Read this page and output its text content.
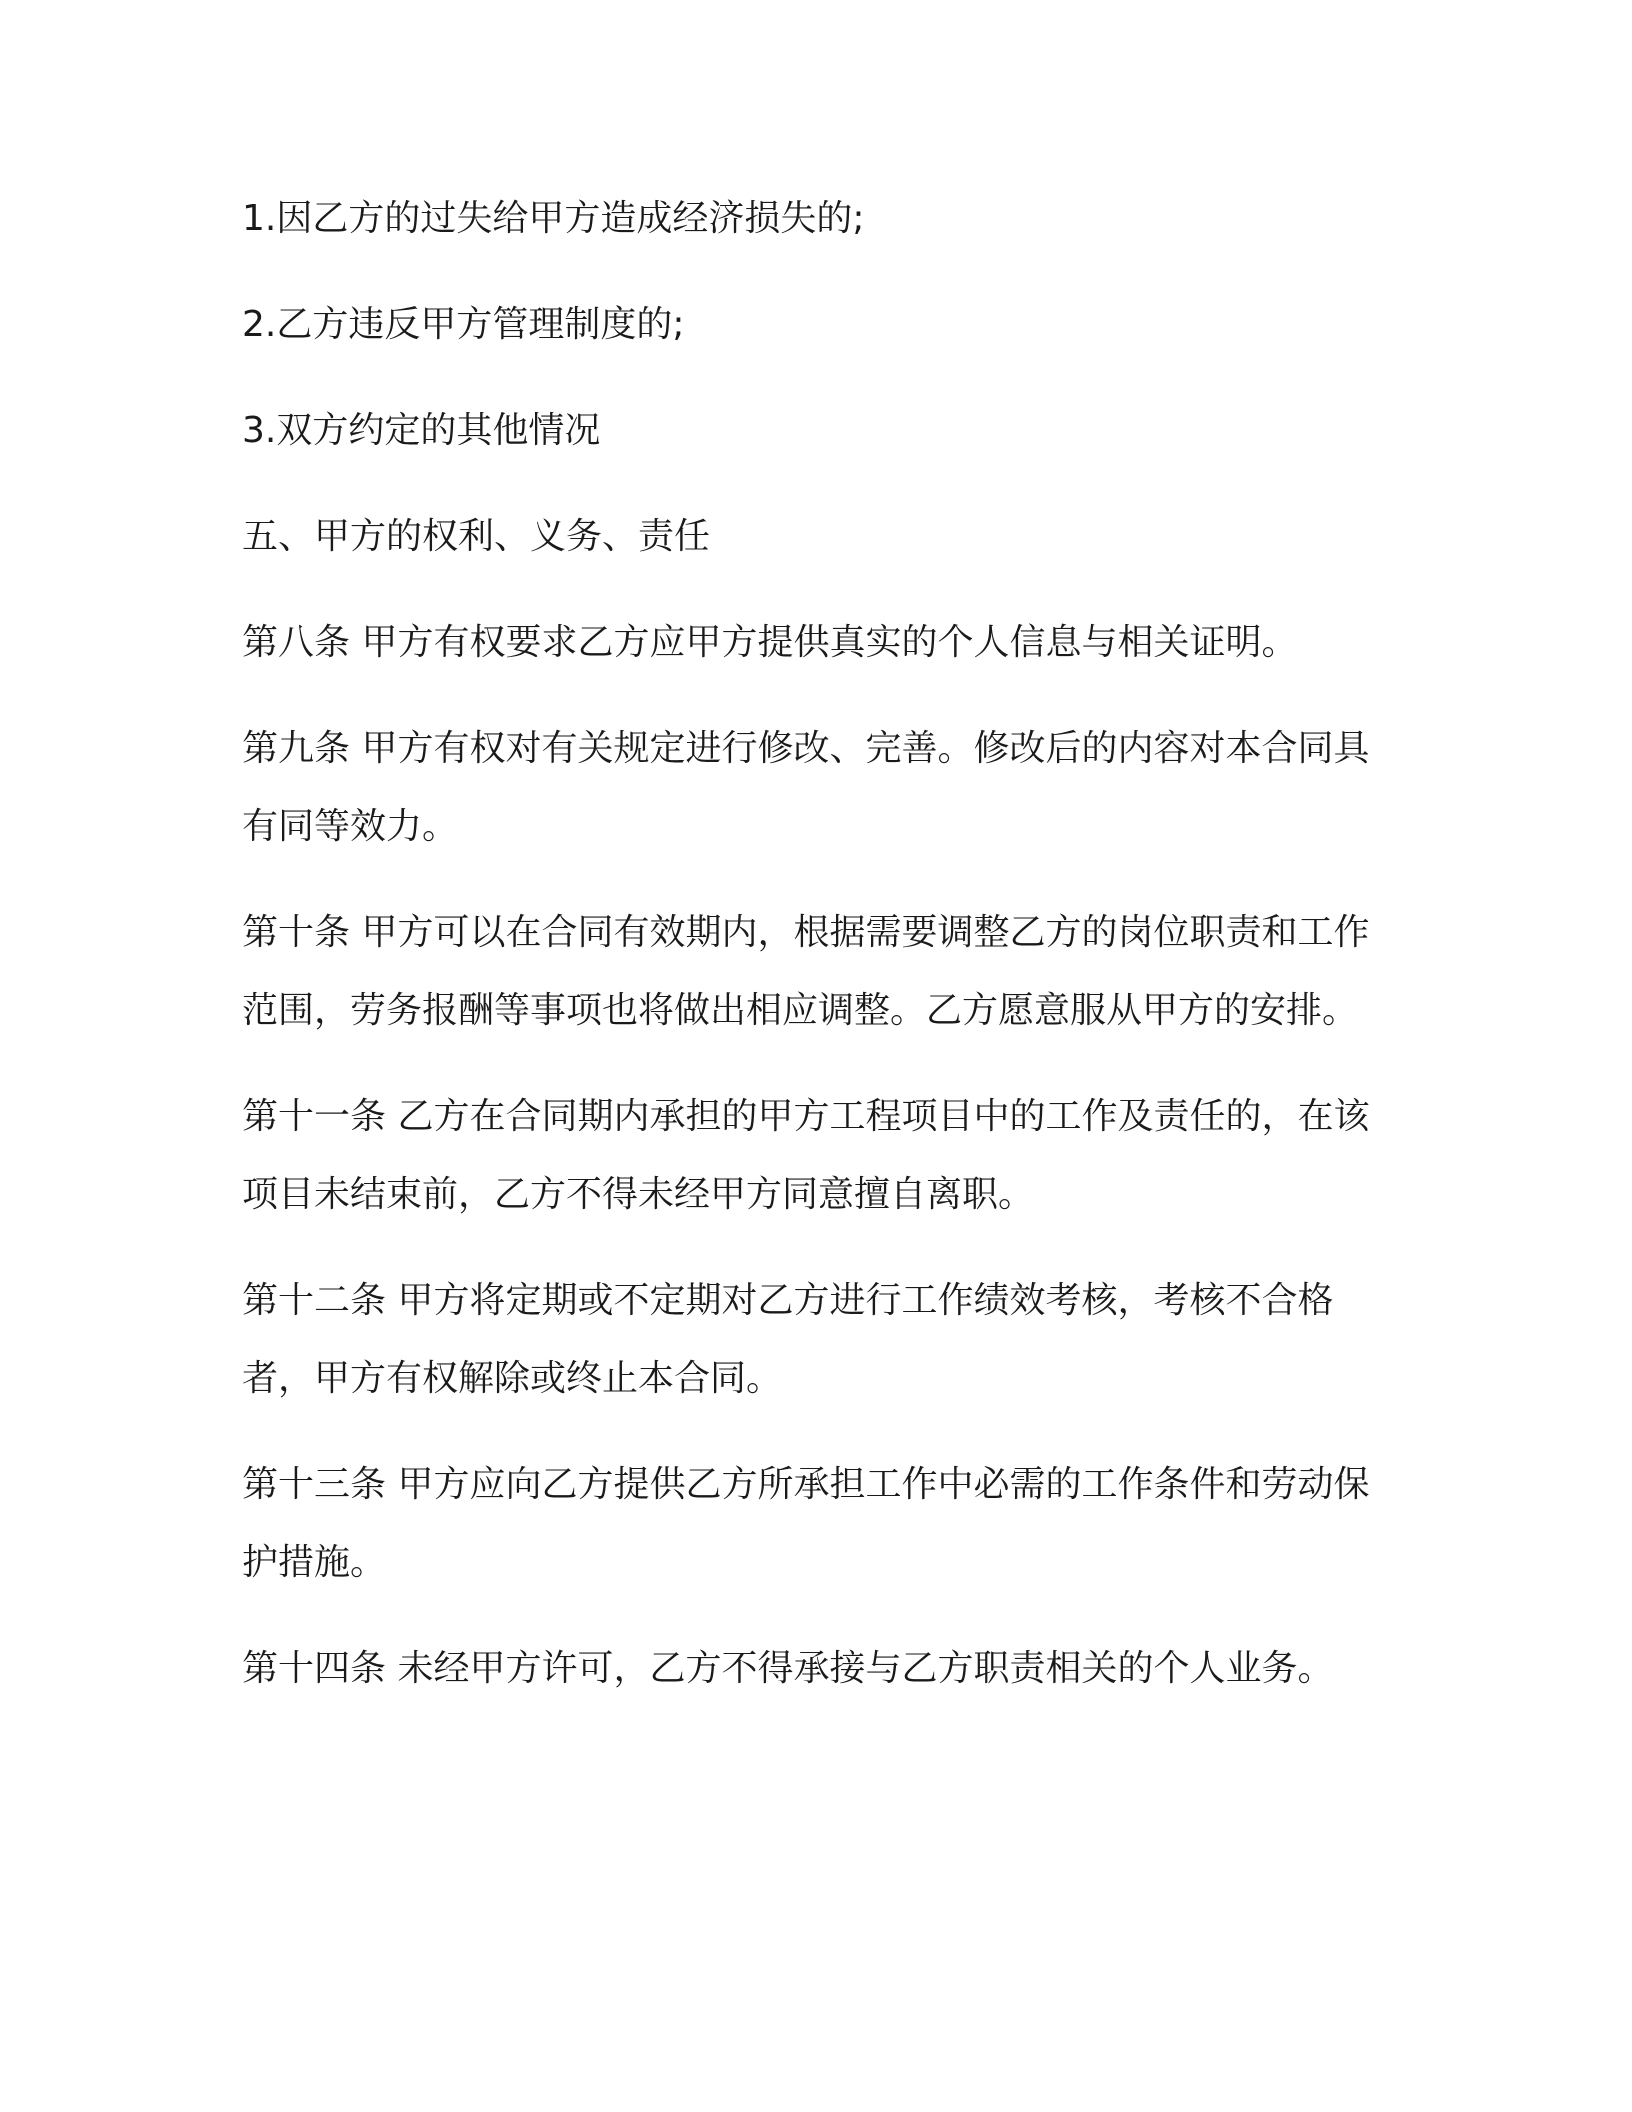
1.因乙方的过失给甲方造成经济损失的;

2.乙方违反甲方管理制度的;

3.双方约定的其他情况

五、甲方的权利、义务、责任

第八条 甲方有权要求乙方应甲方提供真实的个人信息与相关证明。

第九条 甲方有权对有关规定进行修改、完善。修改后的内容对本合同具有同等效力。

第十条 甲方可以在合同有效期内，根据需要调整乙方的岗位职责和工作范围，劳务报酬等事项也将做出相应调整。乙方愿意服从甲方的安排。

第十一条 乙方在合同期内承担的甲方工程项目中的工作及责任的，在该项目未结束前，乙方不得未经甲方同意擅自离职。

第十二条 甲方将定期或不定期对乙方进行工作绩效考核，考核不合格者，甲方有权解除或终止本合同。

第十三条 甲方应向乙方提供乙方所承担工作中必需的工作条件和劳动保护措施。

第十四条 未经甲方许可，乙方不得承接与乙方职责相关的个人业务。
